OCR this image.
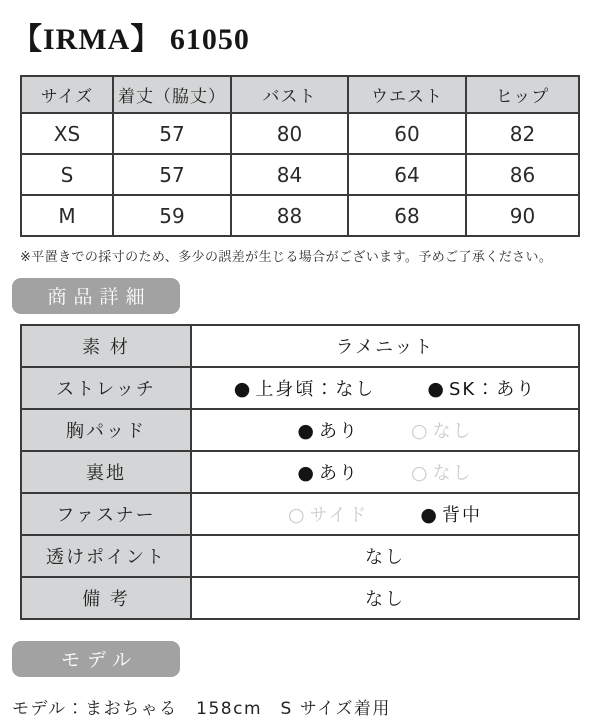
【IRMA】 61050
サイズ	着丈（脇丈）	バスト	ウエスト	ヒップ
XS	57	80	60	82
S	57	84	64	86
M	59	88	68	90
※平置きでの採寸のため、多少の誤差が生じる場合がございます。予めご了承ください。
商品詳細
素 材	ラメニット
ストレッチ	● 上身頃：なし ● SK：あり

胸パッド	● あり ○ なし

裏地	● あり ○ なし

ファスナー	○ サイド ● 背中

透けポイント	なし
備 考	なし
モデル
モデル：まおちゃる　158cm　S サイズ着用
